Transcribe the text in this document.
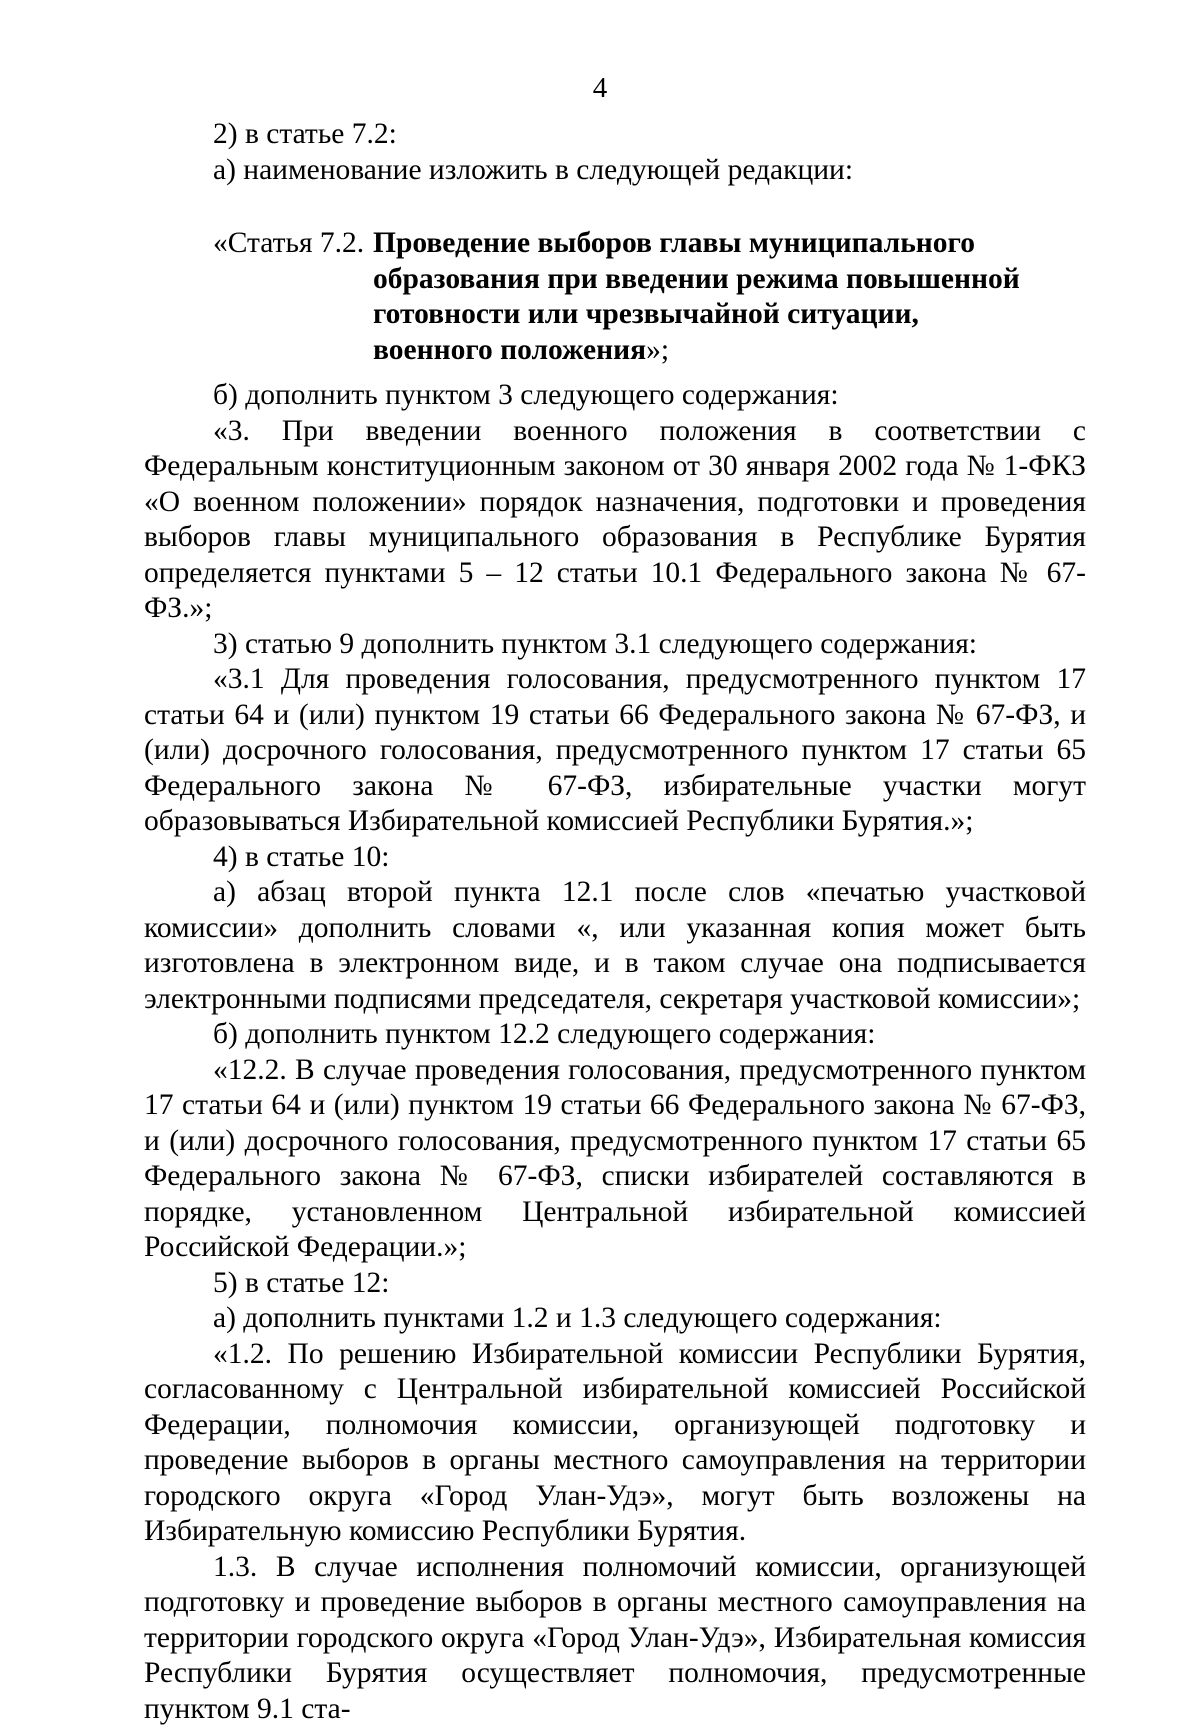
4

2) в статье 7.2:

а) наименование изложить в следующей редакции:

«Статья 7.2. Проведение выборов главы муниципального
образования при введении режима повышенной
готовности или чрезвычайной ситуации,
военного положения»;

б) дополнить пунктом 3 следующего содержания:

«3. При введении военного положения в соответствии с Федеральным конституционным законом от 30 января 2002 года № 1-ФКЗ «О военном положении» порядок назначения, подготовки и проведения выборов главы муниципального образования в Республике Бурятия определяется пунктами 5 – 12 статьи 10.1 Федерального закона № 67-ФЗ.»;

3) статью 9 дополнить пунктом 3.1 следующего содержания:

«3.1 Для проведения голосования, предусмотренного пунктом 17 статьи 64 и (или) пунктом 19 статьи 66 Федерального закона № 67-ФЗ, и (или) досрочного голосования, предусмотренного пунктом 17 статьи 65 Федерального закона № 67-ФЗ, избирательные участки могут образовываться Избирательной комиссией Республики Бурятия.»;

4) в статье 10:

а) абзац второй пункта 12.1 после слов «печатью участковой комиссии» дополнить словами «, или указанная копия может быть изготовлена в электронном виде, и в таком случае она подписывается электронными подписями председателя, секретаря участковой комиссии»;

б) дополнить пунктом 12.2 следующего содержания:

«12.2. В случае проведения голосования, предусмотренного пунктом 17 статьи 64 и (или) пунктом 19 статьи 66 Федерального закона № 67-ФЗ, и (или) досрочного голосования, предусмотренного пунктом 17 статьи 65 Федерального закона № 67-ФЗ, списки избирателей составляются в порядке, установленном Центральной избирательной комиссией Российской Федерации.»;

5) в статье 12:

а) дополнить пунктами 1.2 и 1.3 следующего содержания:

«1.2. По решению Избирательной комиссии Республики Бурятия, согласованному с Центральной избирательной комиссией Российской Федерации, полномочия комиссии, организующей подготовку и проведение выборов в органы местного самоуправления на территории городского округа «Город Улан-Удэ», могут быть возложены на Избирательную комиссию Республики Бурятия.

1.3. В случае исполнения полномочий комиссии, организующей подготовку и проведение выборов в органы местного самоуправления на территории городского округа «Город Улан-Удэ», Избирательная комиссия Республики Бурятия осуществляет полномочия, предусмотренные пунктом 9.1 ста-
